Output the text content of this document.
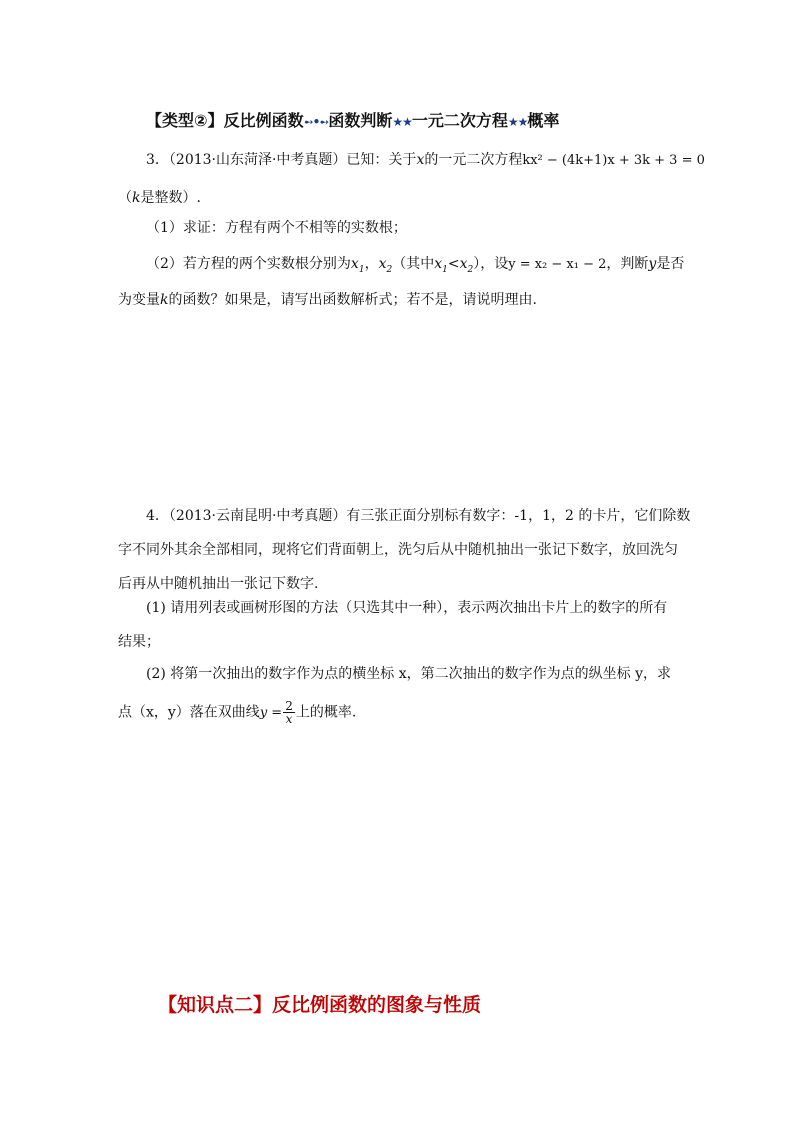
【类型②】反比例函数➻•➻函数判断★★一元二次方程★★概率
3．（2013·山东菏泽·中考真题）已知：关于x的一元二次方程kx² − (4k+1)x + 3k + 3 = 0
（k是整数）.
（1）求证：方程有两个不相等的实数根；
（2）若方程的两个实数根分别为$x_1$，$x_2$（其中$x_1<x_2$），设y = x₂ − x₁ − 2，判断y是否
为变量k的函数？如果是，请写出函数解析式；若不是，请说明理由.
4．（2013·云南昆明·中考真题）有三张正面分别标有数字：-1，1，2 的卡片，它们除数
字不同外其余全部相同，现将它们背面朝上，洗匀后从中随机抽出一张记下数字，放回洗匀
后再从中随机抽出一张记下数字.
(1) 请用列表或画树形图的方法（只选其中一种），表示两次抽出卡片上的数字的所有
结果；
(2) 将第一次抽出的数字作为点的横坐标 x，第二次抽出的数字作为点的纵坐标 y，求
点（x，y）落在双曲线$y = \frac{2}{x}$ 上的概率.
【知识点二】反比例函数的图象与性质
